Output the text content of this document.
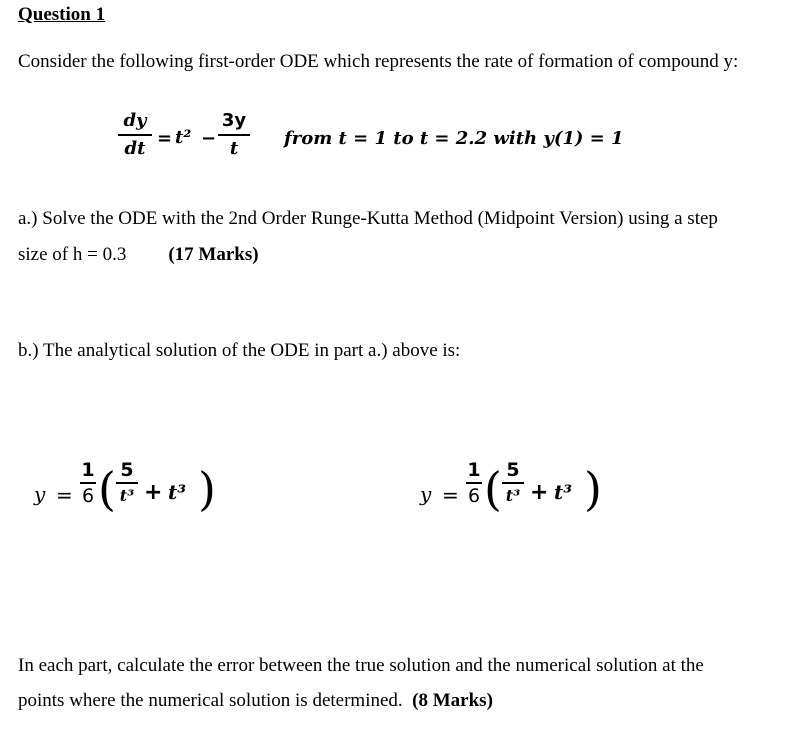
Question 1
Consider the following first-order ODE which represents the rate of formation of compound y:
dy
dt = t² −
3y
t	from t = 1 to t = 2.2 with y(1) = 1
a.) Solve the ODE with the 2nd Order Runge-Kutta Method (Midpoint Version) using a step
size of h = 0.3 (17 Marks)
b.) The analytical solution of the ODE in part a.) above is:
y =
1
6 ( 5
t³ + t³ )	y =
1
6 ( 5
t³ + t³ )
In each part, calculate the error between the true solution and the numerical solution at the
points where the numerical solution is determined. (8 Marks)
